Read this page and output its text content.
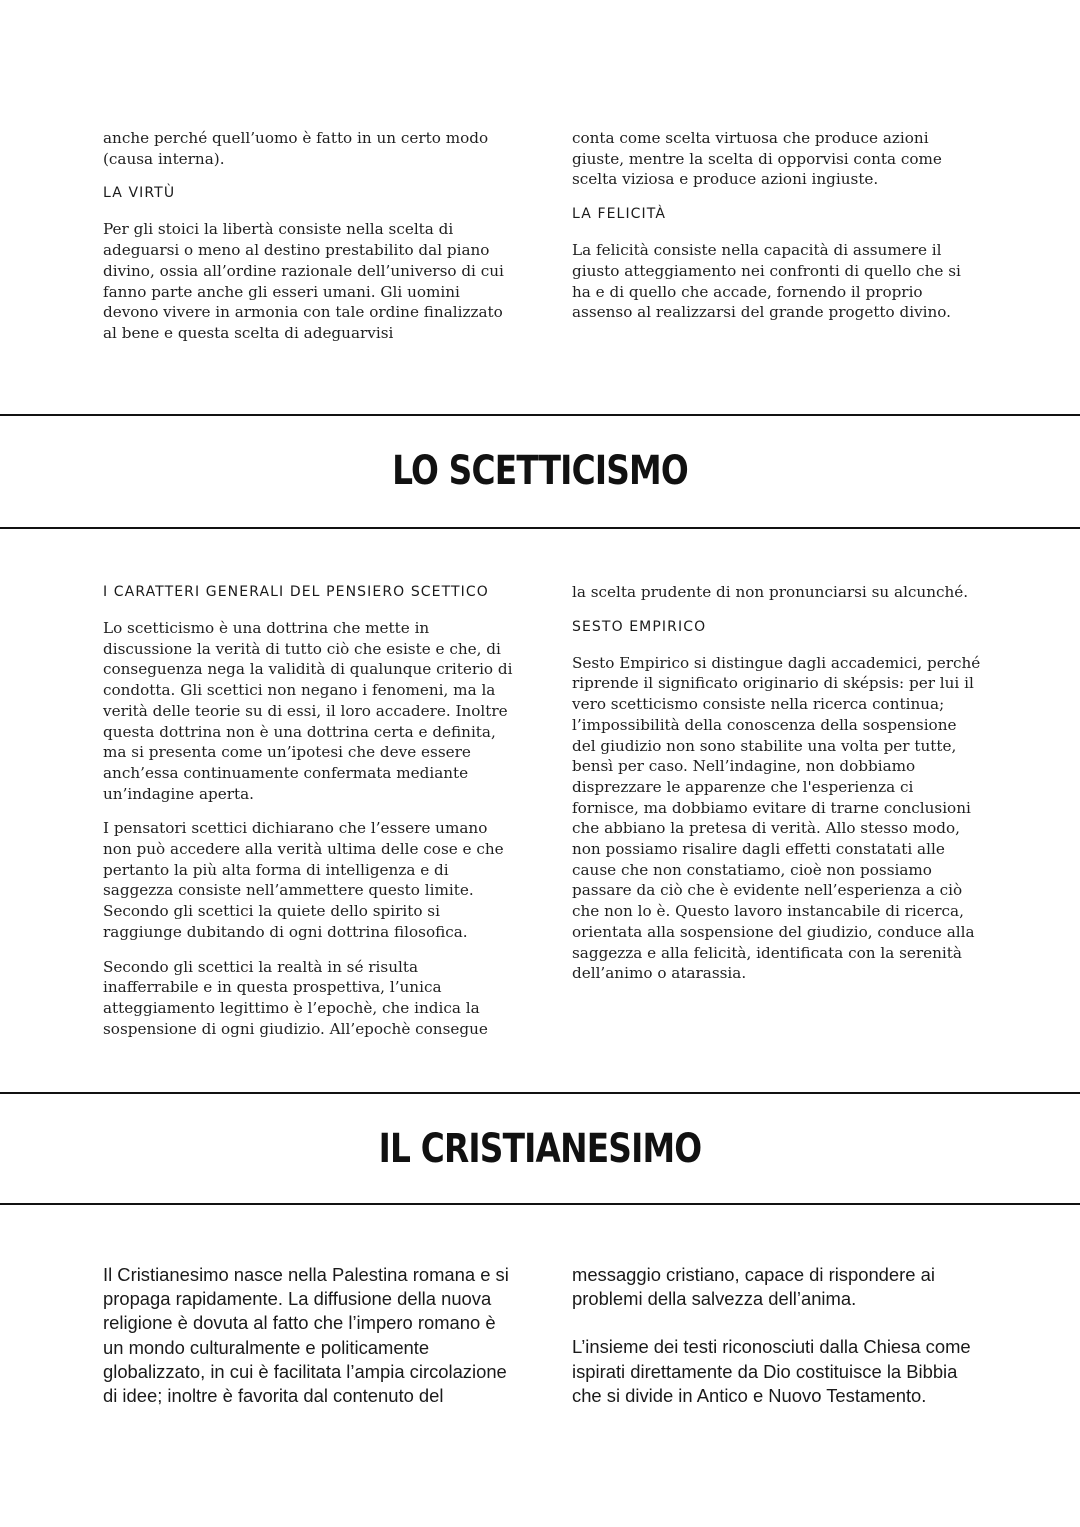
anche perché quell’uomo è fatto in un certo modo (causa interna).

LA VIRTÙ

Per gli stoici la libertà consiste nella scelta di adeguarsi o meno al destino prestabilito dal piano divino, ossia all’ordine razionale dell’universo di cui fanno parte anche gli esseri umani. Gli uomini devono vivere in armonia con tale ordine finalizzato al bene e questa scelta di adeguarvisi

conta come scelta virtuosa che produce azioni giuste, mentre la scelta di opporvisi conta come scelta viziosa e produce azioni ingiuste.

LA FELICITÀ

La felicità consiste nella capacità di assumere il giusto atteggiamento nei confronti di quello che si ha e di quello che accade, fornendo il proprio assenso al realizzarsi del grande progetto divino.

LO SCETTICISMO
I CARATTERI GENERALI DEL PENSIERO SCETTICO

Lo scetticismo è una dottrina che mette in discussione la verità di tutto ciò che esiste e che, di conseguenza nega la validità di qualunque criterio di condotta. Gli scettici non negano i fenomeni, ma la verità delle teorie su di essi, il loro accadere. Inoltre questa dottrina non è una dottrina certa e definita, ma si presenta come un’ipotesi che deve essere anch’essa continuamente confermata mediante un’indagine aperta.

I pensatori scettici dichiarano che l’essere umano non può accedere alla verità ultima delle cose e che pertanto la più alta forma di intelligenza e di saggezza consiste nell’ammettere questo limite. Secondo gli scettici la quiete dello spirito si raggiunge dubitando di ogni dottrina filosofica.

Secondo gli scettici la realtà in sé risulta inafferrabile e in questa prospettiva, l’unica atteggiamento legittimo è l’epochè, che indica la sospensione di ogni giudizio. All’epochè consegue

la scelta prudente di non pronunciarsi su alcunché.

SESTO EMPIRICO

Sesto Empirico si distingue dagli accademici, perché riprende il significato originario di sképsis: per lui il vero scetticismo consiste nella ricerca continua; l’impossibilità della conoscenza della sospensione del giudizio non sono stabilite una volta per tutte, bensì per caso. Nell’indagine, non dobbiamo disprezzare le apparenze che l'esperienza ci fornisce, ma dobbiamo evitare di trarne conclusioni che abbiano la pretesa di verità. Allo stesso modo, non possiamo risalire dagli effetti constatati alle cause che non constatiamo, cioè non possiamo passare da ciò che è evidente nell’esperienza a ciò che non lo è. Questo lavoro instancabile di ricerca, orientata alla sospensione del giudizio, conduce alla saggezza e alla felicità, identificata con la serenità dell’animo o atarassia.

IL CRISTIANESIMO

Il Cristianesimo nasce nella Palestina romana e si propaga rapidamente. La diffusione della nuova religione è dovuta al fatto che l’impero romano è un mondo culturalmente e politicamente globalizzato, in cui è facilitata l’ampia circolazione di idee; inoltre è favorita dal contenuto del

messaggio cristiano, capace di rispondere ai problemi della salvezza dell’anima.

L’insieme dei testi riconosciuti dalla Chiesa come ispirati direttamente da Dio costituisce la Bibbia che si divide in Antico e Nuovo Testamento.
